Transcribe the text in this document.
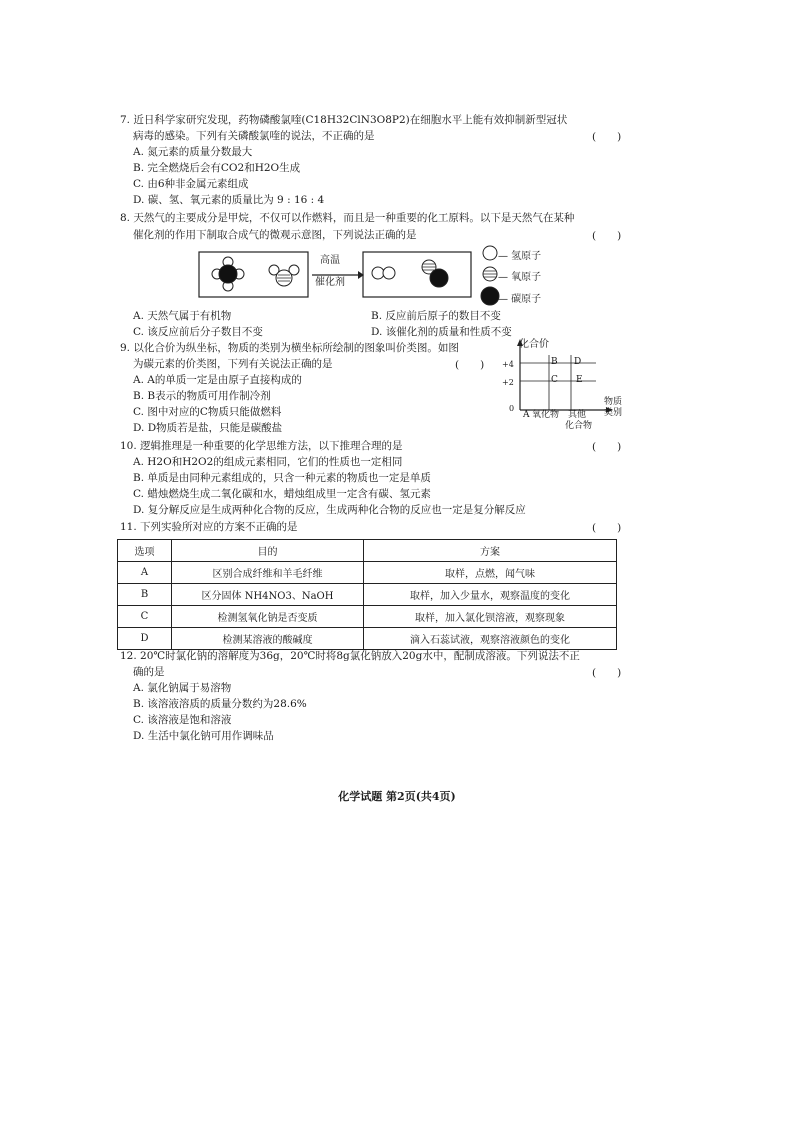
7. 近日科学家研究发现，药物磷酸氯喹(C18H32ClN3O8P2)在细胞水平上能有效抑制新型冠状
病毒的感染。下列有关磷酸氯喹的说法，不正确的是	(　　)
A. 氮元素的质量分数最大
B. 完全燃烧后会有CO2和H2O生成
C. 由6种非金属元素组成
D. 碳、氢、氧元素的质量比为 9 : 16 : 4
8. 天然气的主要成分是甲烷，不仅可以作燃料，而且是一种重要的化工原料。以下是天然气在某种
催化剂的作用下制取合成气的微观示意图，下列说法正确的是	(　　)
高温
催化剂
— 氢原子
— 氧原子
— 碳原子
A. 天然气属于有机物	B. 反应前后原子的数目不变
C. 该反应前后分子数目不变	D. 该催化剂的质量和性质不变
9. 以化合价为纵坐标，物质的类别为横坐标所绘制的图象叫价类图。如图
为碳元素的价类图，下列有关说法正确的是	(　　)
A. A的单质一定是由原子直接构成的
B. B表示的物质可用作制冷剂
C. 图中对应的C物质只能做燃料
D. D物质若是盐，只能是碳酸盐
化合价
+4
+2
0
B D
C E
A 氧化物 其他
化合物
物质
类别
10. 逻辑推理是一种重要的化学思维方法，以下推理合理的是	(　　)
A. H2O和H2O2的组成元素相同，它们的性质也一定相同
B. 单质是由同种元素组成的，只含一种元素的物质也一定是单质
C. 蜡烛燃烧生成二氧化碳和水，蜡烛组成里一定含有碳、氢元素
D. 复分解反应是生成两种化合物的反应，生成两种化合物的反应也一定是复分解反应
11. 下列实验所对应的方案不正确的是	(　　)
选项	目的	方案
A	区别合成纤维和羊毛纤维	取样，点燃，闻气味
B	区分固体 NH4NO3、NaOH	取样，加入少量水，观察温度的变化
C	检测氢氧化钠是否变质	取样，加入氯化钡溶液，观察现象
D	检测某溶液的酸碱度	滴入石蕊试液，观察溶液颜色的变化
12. 20℃时氯化钠的溶解度为36g，20℃时将8g氯化钠放入20g水中，配制成溶液。下列说法不正
确的是	(　　)
A. 氯化钠属于易溶物
B. 该溶液溶质的质量分数约为28.6%
C. 该溶液是饱和溶液
D. 生活中氯化钠可用作调味品
化学试题 第2页(共4页)
